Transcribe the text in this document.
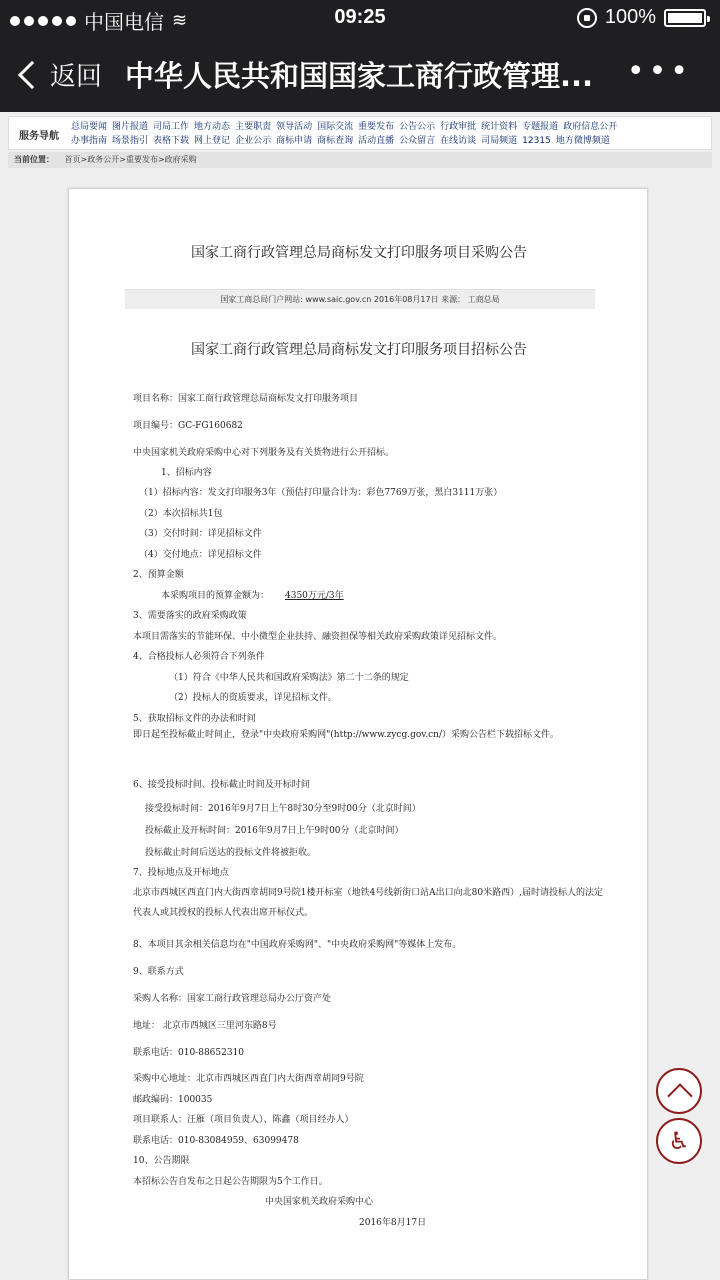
中国电信 ≋	09:25	100%
返回 中华人民共和国国家工商行政管理...	•••
服务导航
总局要闻 图片报道 司局工作 地方动态 主要职责 领导活动 国际交流 重要发布 公告公示 行政审批 统计资料 专题报道 政府信息公开
办事指南 场景指引 表格下载 网上登记 企业公示 商标申请 商标查询 活动直播 公众留言 在线访谈 司局频道 12315 地方微博频道
当前位置： 首页>政务公开>重要发布>政府采购
国家工商行政管理总局商标发文打印服务项目采购公告
国家工商总局门户网站: www.saic.gov.cn 2016年08月17日 来源： 工商总局
国家工商行政管理总局商标发文打印服务项目招标公告
项目名称：国家工商行政管理总局商标发文打印服务项目
项目编号：GC-FG160682
中央国家机关政府采购中心对下列服务及有关货物进行公开招标。
1、招标内容
（1）招标内容：发文打印服务3年（预估打印量合计为：彩色7769万张，黑白3111万张）
（2）本次招标共1包
（3）交付时间：详见招标文件
（4）交付地点：详见招标文件
2、预算金额
本采购项目的预算金额为： 4350万元/3年
3、需要落实的政府采购政策
本项目需落实的节能环保、中小微型企业扶持、融资担保等相关政府采购政策详见招标文件。
4、合格投标人必须符合下列条件
（1）符合《中华人民共和国政府采购法》第二十二条的规定
（2）投标人的资质要求，详见招标文件。
5、获取招标文件的办法和时间
即日起至投标截止时间止，登录"中央政府采购网"(http://www.zycg.gov.cn/）采购公告栏下载招标文件。
6、接受投标时间、投标截止时间及开标时间
接受投标时间：2016年9月7日上午8时30分至9时00分（北京时间）
投标截止及开标时间：2016年9月7日上午9时00分（北京时间）
投标截止时间后送达的投标文件将被拒收。
7、投标地点及开标地点
北京市西城区西直门内大街西章胡同9号院1楼开标室（地铁4号线新街口站A出口向北80米路西）,届时请投标人的法定代表人或其授权的投标人代表出席开标仪式。
8、本项目其余相关信息均在"中国政府采购网"、"中央政府采购网"等媒体上发布。
9、联系方式
采购人名称：国家工商行政管理总局办公厅资产处
地址： 北京市西城区三里河东路8号
联系电话：010-88652310
采购中心地址：北京市西城区西直门内大街西章胡同9号院
邮政编码：100035
项目联系人：汪雁（项目负责人）、陈鑫（项目经办人）
联系电话：010-83084959、63099478
10、公告期限
本招标公告自发布之日起公告期限为5个工作日。
中央国家机关政府采购中心
2016年8月17日
♿
